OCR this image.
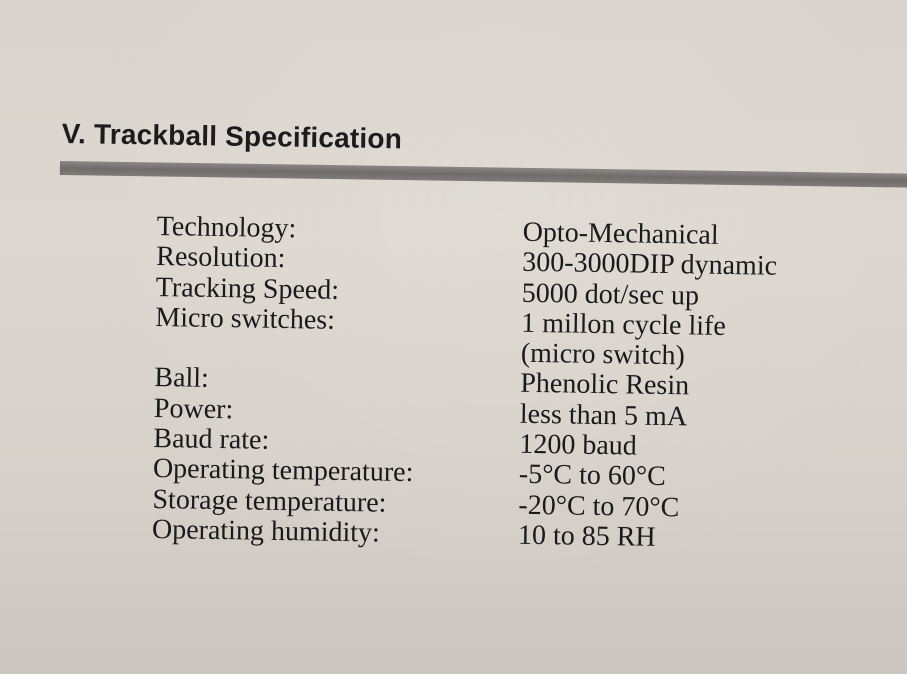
V. Trackball Specification
Technology:	Opto-Mechanical
Resolution:	300-3000DIP dynamic
Tracking Speed:	5000 dot/sec up
Micro switches:	1 millon cycle life
(micro switch)
Ball:	Phenolic Resin
Power:	less than 5 mA
Baud rate:	1200 baud
Operating temperature:	-5°C to 60°C
Storage temperature:	-20°C to 70°C
Operating humidity:	10 to 85 RH
